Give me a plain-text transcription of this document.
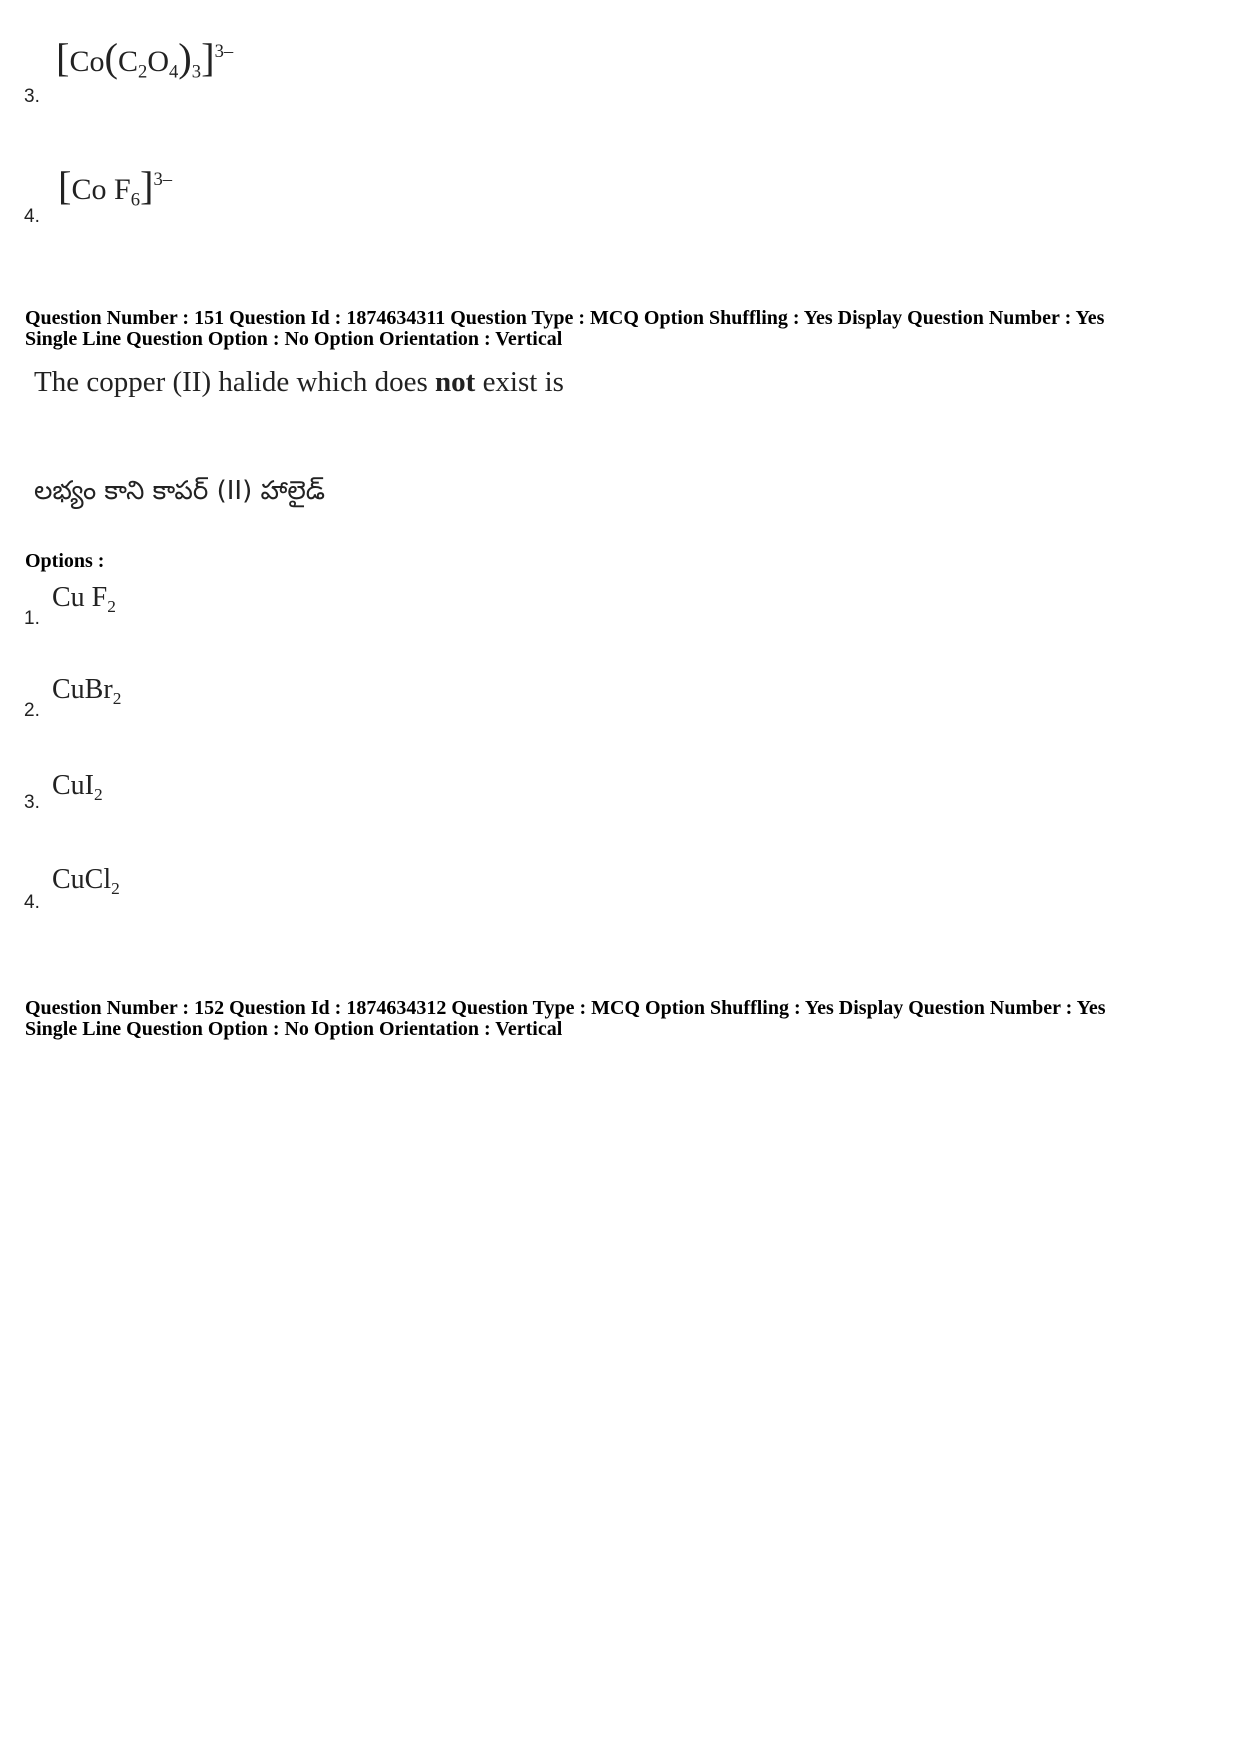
3.
$[Co(C_2O_4)_3]^{3-}$
4.
[Co $F_6]^{3-}$
Question Number : 151 Question Id : 1874634311 Question Type : MCQ Option Shuffling : Yes Display Question Number : Yes
Single Line Question Option : No Option Orientation : Vertical
The copper (II) halide which does not exist is
లభ్యం కాని కాపర్ (II) హాలైడ్
Options :
1.
Cu $F_2$
2.
CuBr$_2$
3.
CuI$_2$
4.
CuCl$_2$
Question Number : 152 Question Id : 1874634312 Question Type : MCQ Option Shuffling : Yes Display Question Number : Yes
Single Line Question Option : No Option Orientation : Vertical
